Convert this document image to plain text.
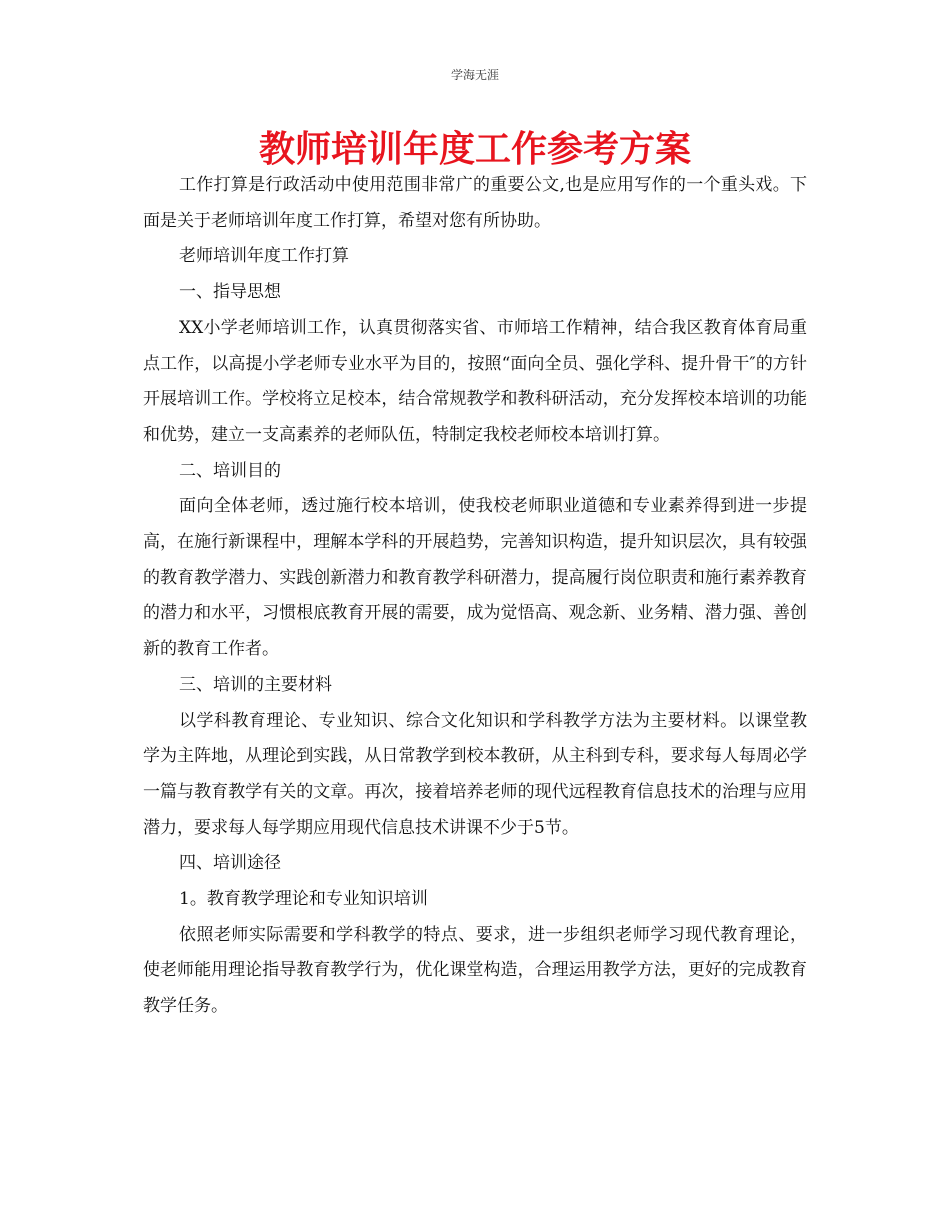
学海无涯
教师培训年度工作参考方案

工作打算是行政活动中使用范围非常广的重要公文,也是应用写作的一个重头戏。下面是关于老师培训年度工作打算，希望对您有所协助。

老师培训年度工作打算

一、指导思想

XX小学老师培训工作，认真贯彻落实省、市师培工作精神，结合我区教育体育局重点工作，以高提小学老师专业水平为目的，按照“面向全员、强化学科、提升骨干″的方针开展培训工作。学校将立足校本，结合常规教学和教科研活动，充分发挥校本培训的功能和优势，建立一支高素养的老师队伍，特制定我校老师校本培训打算。

二、培训目的

面向全体老师，透过施行校本培训，使我校老师职业道德和专业素养得到进一步提高，在施行新课程中，理解本学科的开展趋势，完善知识构造，提升知识层次，具有较强的教育教学潜力、实践创新潜力和教育教学科研潜力，提高履行岗位职责和施行素养教育的潜力和水平，习惯根底教育开展的需要，成为觉悟高、观念新、业务精、潜力强、善创新的教育工作者。

三、培训的主要材料

以学科教育理论、专业知识、综合文化知识和学科教学方法为主要材料。以课堂教学为主阵地，从理论到实践，从日常教学到校本教研，从主科到专科，要求每人每周必学一篇与教育教学有关的文章。再次，接着培养老师的现代远程教育信息技术的治理与应用潜力，要求每人每学期应用现代信息技术讲课不少于5节。

四、培训途径

1。教育教学理论和专业知识培训

依照老师实际需要和学科教学的特点、要求，进一步组织老师学习现代教育理论，使老师能用理论指导教育教学行为，优化课堂构造，合理运用教学方法，更好的完成教育教学任务。
